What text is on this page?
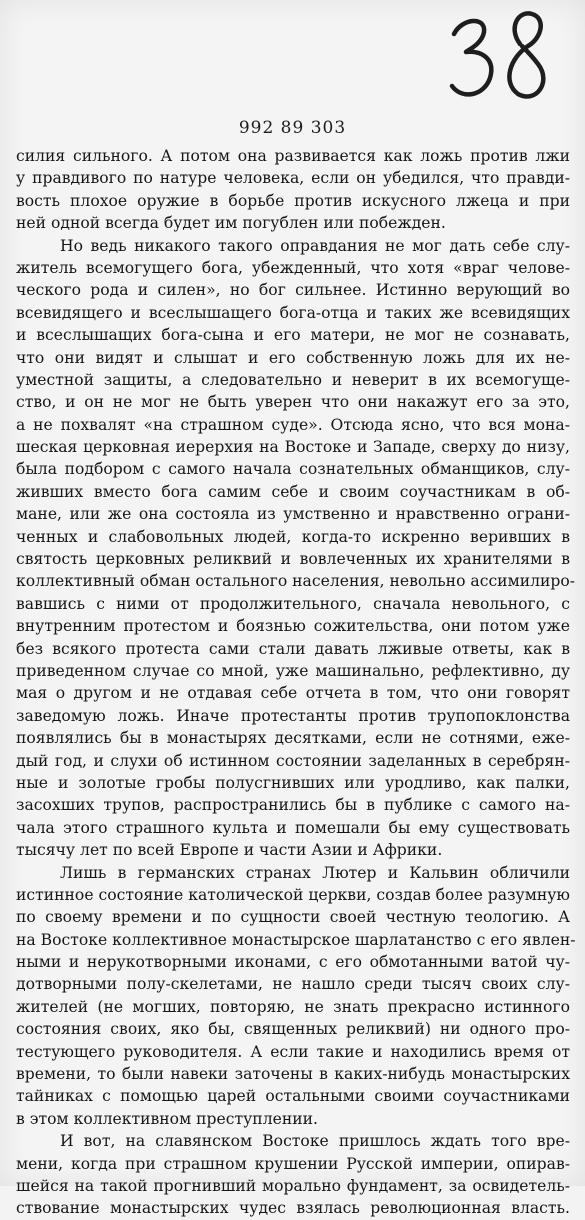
992 89 303
силия сильного. А потом она развивается как ложь против лжи
у правдивого по натуре человека, если он убедился, что правди-
вость плохое оружие в борьбе против искусного лжеца и при
ней одной всегда будет им погублен или побежден.
Но ведь никакого такого оправдания не мог дать себе слу-
житель всемогущего бога, убежденный, что хотя «враг челове-
ческого рода и силен», но бог сильнее. Истинно верующий во
всевидящего и всеслышащего бога-отца и таких же всевидящих
и всеслышащих бога-сына и его матери, не мог не сознавать,
что они видят и слышат и его собственную ложь для их не-
уместной защиты, а следовательно и неверит в их всемогуще-
ство, и он не мог не быть уверен что они накажут его за это,
а не похвалят «на страшном суде». Отсюда ясно, что вся мона-
шеская церковная иерерхия на Востоке и Западе, сверху до низу,
была подбором с самого начала сознательных обманщиков, слу-
живших вместо бога самим себе и своим соучастникам в об-
мане, или же она состояла из умственно и нравственно ограни-
ченных и слабовольных людей, когда-то искренно веривших в
святость церковных реликвий и вовлеченных их хранителями в
коллективный обман остального населения, невольно ассимилиро-
вавшись с ними от продолжительного, сначала невольного, с
внутренним протестом и боязнью сожительства, они потом уже
без всякого протеста сами стали давать лживые ответы, как в
приведенном случае со мной, уже машинально, рефлективно, ду
мая о другом и не отдавая себе отчета в том, что они говорят
заведомую ложь. Иначе протестанты против трупопоклонства
появлялись бы в монастырях десятками, если не сотнями, еже-
дый год, и слухи об истинном состоянии заделанных в серебрян-
ные и золотые гробы полусгнивших или уродливо, как палки,
засохших трупов, распространились бы в публике с самого на-
чала этого страшного культа и помешали бы ему существовать
тысячу лет по всей Европе и части Азии и Африки.
Лишь в германских странах Лютер и Кальвин обличили
истинное состояние католической церкви, создав более разумную
по своему времени и по сущности своей честную теологию. А
на Востоке коллективное монастырское шарлатанство с его явлен-
ными и нерукотворными иконами, с его обмотанными ватой чу-
дотворными полу-скелетами, не нашло среди тысяч своих слу-
жителей (не могших, повторяю, не знать прекрасно истинного
состояния своих, яко бы, священных реликвий) ни одного про-
тестующего руководителя. А если такие и находились время от
времени, то были навеки заточены в каких-нибудь монастырских
тайниках с помощью царей остальными своими соучастниками
в этом коллективном преступлении.
И вот, на славянском Востоке пришлось ждать того вре-
мени, когда при страшном крушении Русской империи, опирав-
шейся на такой прогнивший морально фундамент, за освидетель-
ствование монастырских чудес взялась революционная власть.
